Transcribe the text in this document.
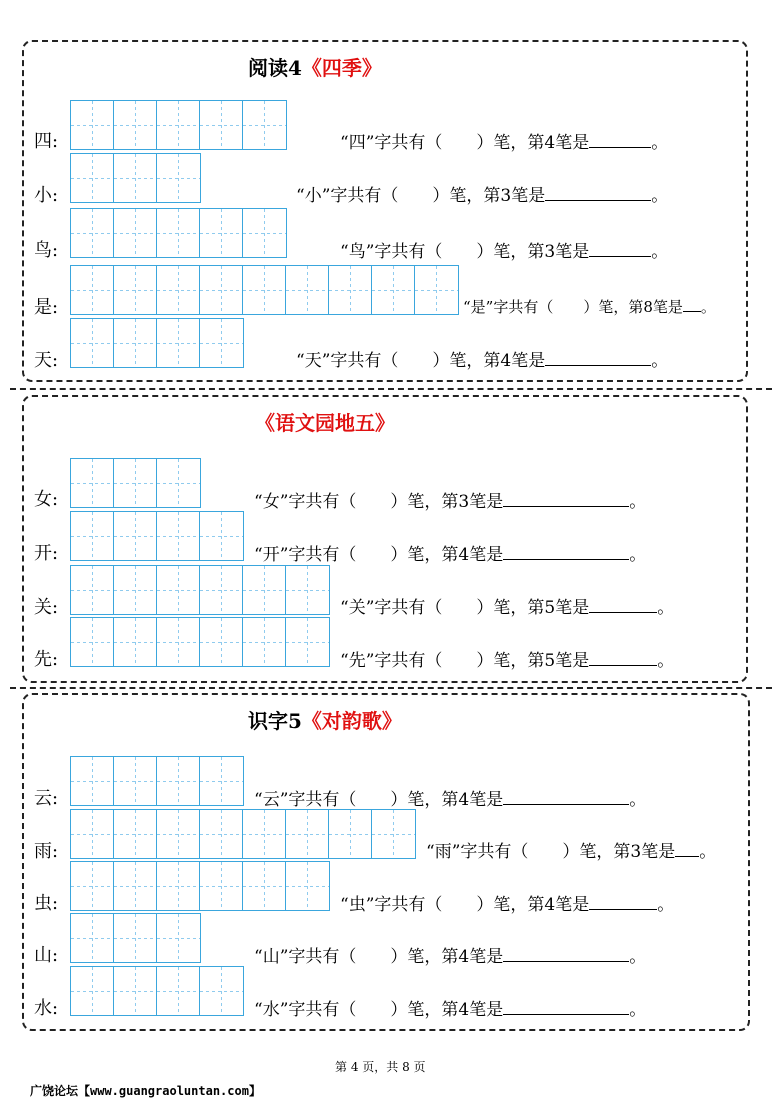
阅读4《四季》
四:	“四”字共有（　　）笔，第4笔是	。
小:	“小”字共有（　　）笔，第3笔是	。
鸟:	“鸟”字共有（　　）笔，第3笔是	。
是:	“是”字共有（　　）笔，第8笔是 。
天:	“天”字共有（　　）笔，第4笔是	。
《语文园地五》
女:	“女”字共有（　　）笔，第3笔是	。
开:	“开”字共有（　　）笔，第4笔是	。
关:	“关”字共有（　　）笔，第5笔是	。
先:	“先”字共有（　　）笔，第5笔是	。
识字5《对韵歌》
云:	“云”字共有（　　）笔，第4笔是	。
雨:	“雨”字共有（　　）笔，第3笔是 。
虫:	“虫”字共有（　　）笔，第4笔是	。
山:	“山”字共有（　　）笔，第4笔是	。
水:	“水”字共有（　　）笔，第4笔是	。
第 4 页，共 8 页
广饶论坛【www.guangraoluntan.com】
